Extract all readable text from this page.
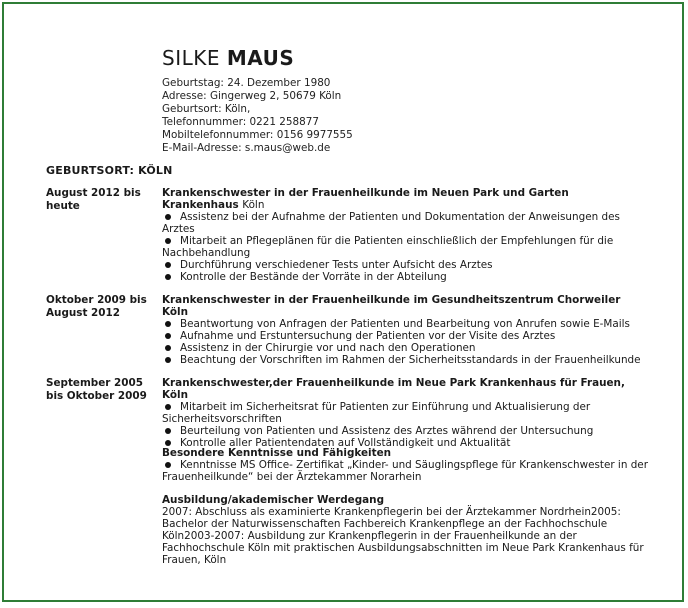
SILKE MAUS
Geburtstag: 24. Dezember 1980
Adresse: Gingerweg 2, 50679 Köln
Geburtsort: Köln,
Telefonnummer: 0221 258877
Mobiltelefonnummer: 0156 9977555
E-Mail-Adresse: s.maus@web.de
GEBURTSORT: KÖLN
August 2012 bis heute
Krankenschwester in der Frauenheilkunde im Neuen Park und Garten Krankenhaus Köln
Assistenz bei der Aufnahme der Patienten und Dokumentation der Anweisungen des Arztes
Mitarbeit an Pflegeplänen für die Patienten einschließlich der Empfehlungen für die Nachbehandlung
Durchführung verschiedener Tests unter Aufsicht des Arztes
Kontrolle der Bestände der Vorräte in der Abteilung
Oktober 2009 bis August 2012
Krankenschwester in der Frauenheilkunde im Gesundheitszentrum Chorweiler Köln
Beantwortung von Anfragen der Patienten und Bearbeitung von Anrufen sowie E-Mails
Aufnahme und Erstuntersuchung der Patienten vor der Visite des Arztes
Assistenz in der Chirurgie vor und nach den Operationen
Beachtung der Vorschriften im Rahmen der Sicherheitsstandards in der Frauenheilkunde
September 2005 bis Oktober 2009
Krankenschwester,der Frauenheilkunde im Neue Park Krankenhaus für Frauen, Köln
Mitarbeit im Sicherheitsrat für Patienten zur Einführung und Aktualisierung der Sicherheitsvorschriften
Beurteilung von Patienten und Assistenz des Arztes während der Untersuchung
Kontrolle aller Patientendaten auf Vollständigkeit und Aktualität
Besondere Kenntnisse und Fähigkeiten
Kenntnisse MS Office- Zertifikat „Kinder- und Säuglingspflege für Krankenschwester in der Frauenheilkunde“ bei der Ärztekammer Norarhein
Ausbildung/akademischer Werdegang
2007: Abschluss als examinierte Krankenpflegerin bei der Ärztekammer Nordrhein2005: Bachelor der Naturwissenschaften Fachbereich Krankenpflege an der Fachhochschule Köln2003-2007: Ausbildung zur Krankenpflegerin in der Frauenheilkunde an der Fachhochschule Köln mit praktischen Ausbildungsabschnitten im Neue Park Krankenhaus für Frauen, Köln
